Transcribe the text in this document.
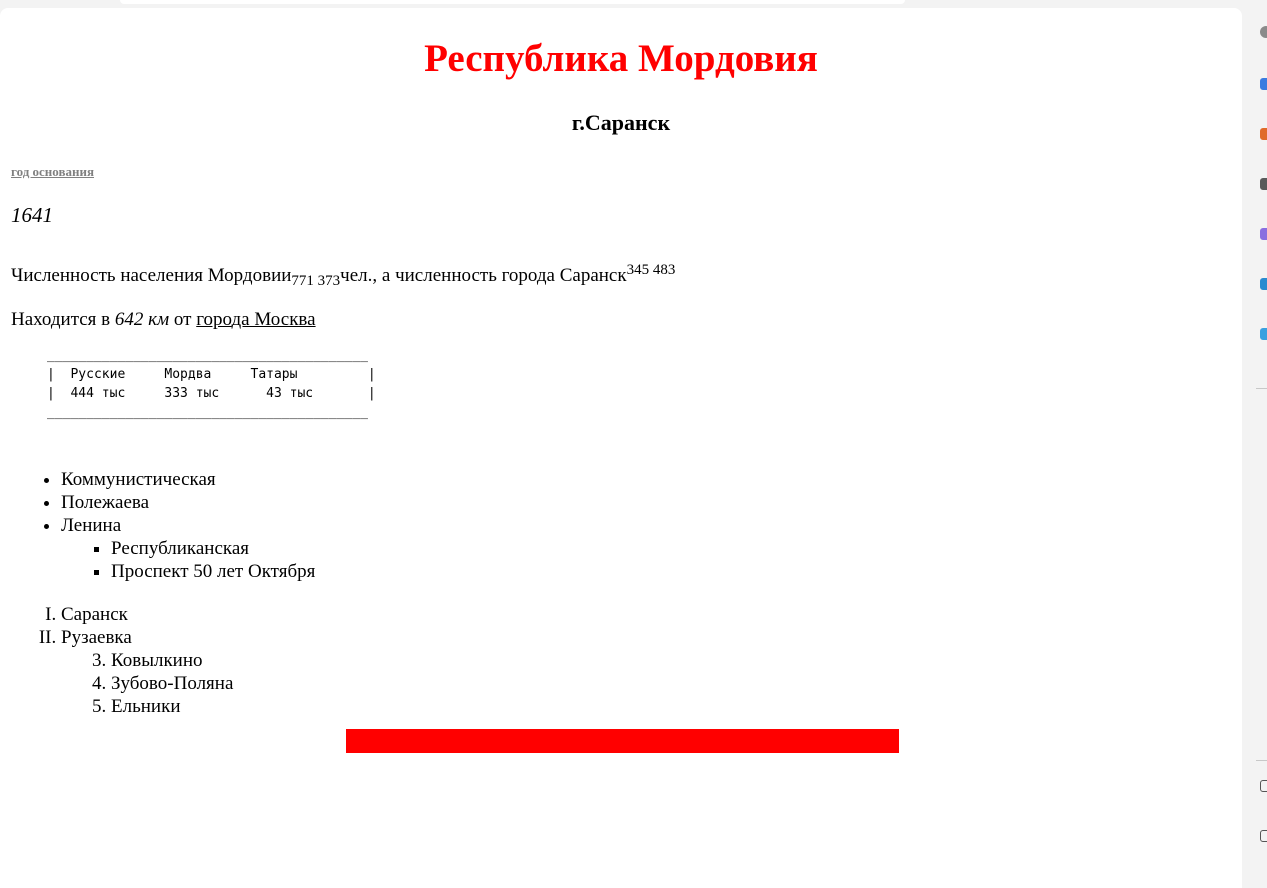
Республика Мордовия
г.Саранск
год основания
1641
Численность населения Мордовии$_{771 373}$чел., а численность города Саранск$^{345 483}$
Находится в 642 км от города Москва
_________________________________________
|  Русские     Мордва     Татары         |
|  444 тыс     333 тыс      43 тыс       |
_________________________________________
• Коммунистическая
• Полежаева
• Ленина
▪ Республиканская
▪ Проспект 50 лет Октября
I. Саранск
II. Рузаевка
3. Ковылкино
4. Зубово-Поляна
5. Ельники
